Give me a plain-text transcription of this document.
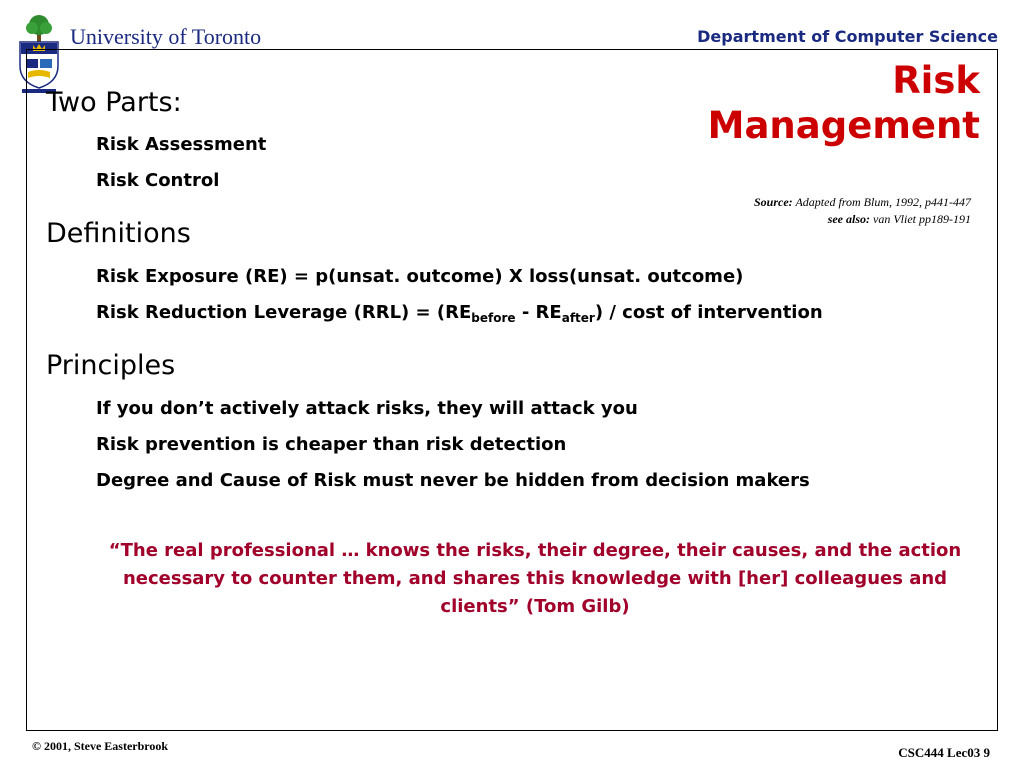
University of Toronto	Department of Computer Science
Risk
Management
Source: Adapted from Blum, 1992, p441-447
see also: van Vliet pp189-191
Two Parts:
Risk Assessment
Risk Control
Definitions
Risk Exposure (RE) = p(unsat. outcome) X loss(unsat. outcome)
Risk Reduction Leverage $(RRL) = (RE_{before} - RE_{after}) / \cos t$ of intervention
Principles
If you don’t actively attack risks, they will attack you
Risk prevention is cheaper than risk detection
Degree and Cause of Risk must never be hidden from decision makers
“The real professional … knows the risks, their degree, their causes, and the action necessary to counter them, and shares this knowledge with [her] colleagues and clients” (Tom Gilb)
© 2001, Steve Easterbrook	CSC444 Lec03 9
